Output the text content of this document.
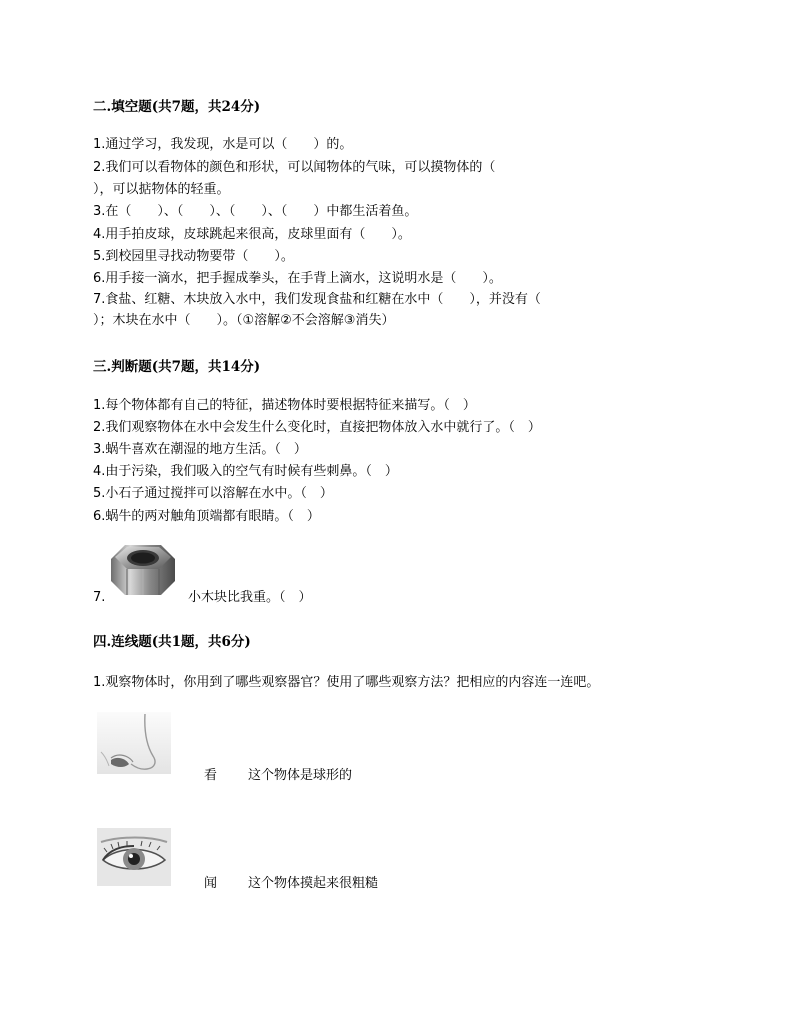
二.填空题(共7题，共24分)
1.通过学习，我发现，水是可以（　　）的。
2.我们可以看物体的颜色和形状，可以闻物体的气味，可以摸物体的（
），可以掂物体的轻重。
3.在（　　）、（　　）、（　　）、（　　）中都生活着鱼。
4.用手拍皮球，皮球跳起来很高，皮球里面有（　　）。
5.到校园里寻找动物要带（　　）。
6.用手接一滴水，把手握成拳头，在手背上滴水，这说明水是（　　）。
7.食盐、红糖、木块放入水中，我们发现食盐和红糖在水中（　　），并没有（
）；木块在水中（　　）。（①溶解②不会溶解③消失）
三.判断题(共7题，共14分)
1.每个物体都有自己的特征，描述物体时要根据特征来描写。（　）
2.我们观察物体在水中会发生什么变化时，直接把物体放入水中就行了。（　）
3.蜗牛喜欢在潮湿的地方生活。（　）
4.由于污染，我们吸入的空气有时候有些刺鼻。（　）
5.小石子通过搅拌可以溶解在水中。（　）
6.蜗牛的两对触角顶端都有眼睛。（　）
7.	小木块比我重。（　）
四.连线题(共1题，共6分)
1.观察物体时，你用到了哪些观察器官？使用了哪些观察方法？把相应的内容连一连吧。
看 这个物体是球形的
闻 这个物体摸起来很粗糙
